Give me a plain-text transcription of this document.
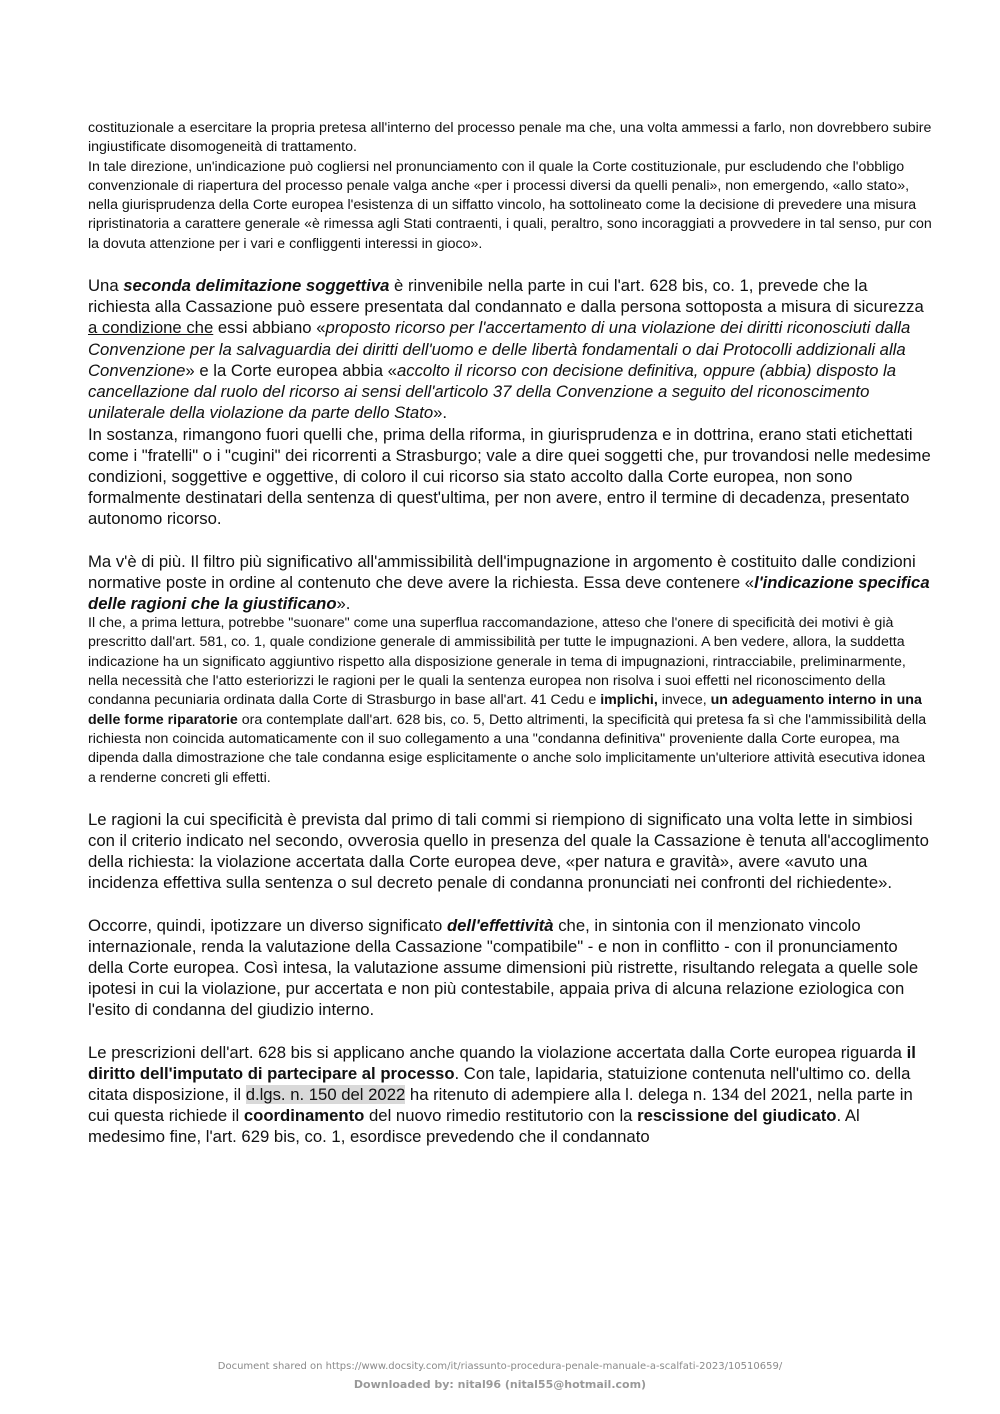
costituzionale a esercitare la propria pretesa all'interno del processo penale ma che, una volta ammessi a farlo, non dovrebbero subire ingiustificate disomogeneità di trattamento.

In tale direzione, un'indicazione può cogliersi nel pronunciamento con il quale la Corte costituzionale, pur escludendo che l'obbligo convenzionale di riapertura del processo penale valga anche «per i processi diversi da quelli penali», non emergendo, «allo stato», nella giurisprudenza della Corte europea l'esistenza di un siffatto vincolo, ha sottolineato come la decisione di prevedere una misura ripristinatoria a carattere generale «è rimessa agli Stati contraenti, i quali, peraltro, sono incoraggiati a provvedere in tal senso, pur con la dovuta attenzione per i vari e confliggenti interessi in gioco».

Una seconda delimitazione soggettiva è rinvenibile nella parte in cui l'art. 628 bis, co. 1, prevede che la richiesta alla Cassazione può essere presentata dal condannato e dalla persona sottoposta a misura di sicurezza a condizione che essi abbiano «proposto ricorso per l'accertamento di una violazione dei diritti riconosciuti dalla Convenzione per la salvaguardia dei diritti dell'uomo e delle libertà fondamentali o dai Protocolli addizionali alla Convenzione» e la Corte europea abbia «accolto il ricorso con decisione definitiva, oppure (abbia) disposto la cancellazione dal ruolo del ricorso ai sensi dell'articolo 37 della Convenzione a seguito del riconoscimento unilaterale della violazione da parte dello Stato».

In sostanza, rimangono fuori quelli che, prima della riforma, in giurisprudenza e in dottrina, erano stati etichettati come i "fratelli" o i "cugini" dei ricorrenti a Strasburgo; vale a dire quei soggetti che, pur trovandosi nelle medesime condizioni, soggettive e oggettive, di coloro il cui ricorso sia stato accolto dalla Corte europea, non sono formalmente destinatari della sentenza di quest'ultima, per non avere, entro il termine di decadenza, presentato autonomo ricorso.

Ma v'è di più. Il filtro più significativo all'ammissibilità dell'impugnazione in argomento è costituito dalle condizioni normative poste in ordine al contenuto che deve avere la richiesta. Essa deve contenere «l'indicazione specifica delle ragioni che la giustificano».

Il che, a prima lettura, potrebbe "suonare" come una superflua raccomandazione, atteso che l'onere di specificità dei motivi è già prescritto dall'art. 581, co. 1, quale condizione generale di ammissibilità per tutte le impugnazioni. A ben vedere, allora, la suddetta indicazione ha un significato aggiuntivo rispetto alla disposizione generale in tema di impugnazioni, rintracciabile, preliminarmente, nella necessità che l'atto esteriorizzi le ragioni per le quali la sentenza europea non risolva i suoi effetti nel riconoscimento della condanna pecuniaria ordinata dalla Corte di Strasburgo in base all'art. 41 Cedu e implichi, invece, un adeguamento interno in una delle forme riparatorie ora contemplate dall'art. 628 bis, co. 5, Detto altrimenti, la specificità qui pretesa fa sì che l'ammissibilità della richiesta non coincida automaticamente con il suo collegamento a una "condanna definitiva" proveniente dalla Corte europea, ma dipenda dalla dimostrazione che tale condanna esige esplicitamente o anche solo implicitamente un'ulteriore attività esecutiva idonea a renderne concreti gli effetti.

Le ragioni la cui specificità è prevista dal primo di tali commi si riempiono di significato una volta lette in simbiosi con il criterio indicato nel secondo, ovverosia quello in presenza del quale la Cassazione è tenuta all'accoglimento della richiesta: la violazione accertata dalla Corte europea deve, «per natura e gravità», avere «avuto una incidenza effettiva sulla sentenza o sul decreto penale di condanna pronunciati nei confronti del richiedente».

Occorre, quindi, ipotizzare un diverso significato dell'effettività che, in sintonia con il menzionato vincolo internazionale, renda la valutazione della Cassazione "compatibile" - e non in conflitto - con il pronunciamento della Corte europea. Così intesa, la valutazione assume dimensioni più ristrette, risultando relegata a quelle sole ipotesi in cui la violazione, pur accertata e non più contestabile, appaia priva di alcuna relazione eziologica con l'esito di condanna del giudizio interno.

Le prescrizioni dell'art. 628 bis si applicano anche quando la violazione accertata dalla Corte europea riguarda il diritto dell'imputato di partecipare al processo. Con tale, lapidaria, statuizione contenuta nell'ultimo co. della citata disposizione, il d.lgs. n. 150 del 2022 ha ritenuto di adempiere alla l. delega n. 134 del 2021, nella parte in cui questa richiede il coordinamento del nuovo rimedio restitutorio con la rescissione del giudicato. Al medesimo fine, l'art. 629 bis, co. 1, esordisce prevedendo che il condannato

Document shared on https://www.docsity.com/it/riassunto-procedura-penale-manuale-a-scalfati-2023/10510659/
Downloaded by: nital96 (nital55@hotmail.com)
